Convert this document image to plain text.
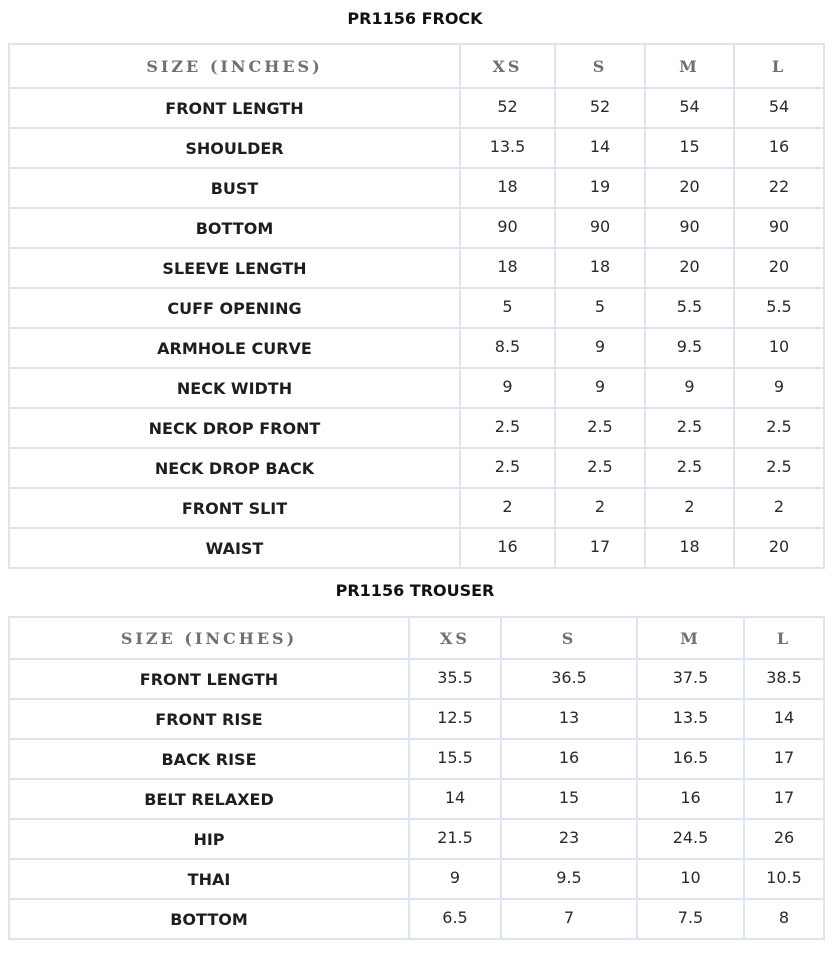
PR1156 FROCK
SIZE (INCHES)	XS	S	M	L
FRONT LENGTH	52	52	54	54
SHOULDER	13.5	14	15	16
BUST	18	19	20	22
BOTTOM	90	90	90	90
SLEEVE LENGTH	18	18	20	20
CUFF OPENING	5	5	5.5	5.5
ARMHOLE CURVE	8.5	9	9.5	10
NECK WIDTH	9	9	9	9
NECK DROP FRONT	2.5	2.5	2.5	2.5
NECK DROP BACK	2.5	2.5	2.5	2.5
FRONT SLIT	2	2	2	2
WAIST	16	17	18	20
PR1156 TROUSER
SIZE (INCHES)	XS	S	M	L
FRONT LENGTH	35.5	36.5	37.5	38.5
FRONT RISE	12.5	13	13.5	14
BACK RISE	15.5	16	16.5	17
BELT RELAXED	14	15	16	17
HIP	21.5	23	24.5	26
THAI	9	9.5	10	10.5
BOTTOM	6.5	7	7.5	8
